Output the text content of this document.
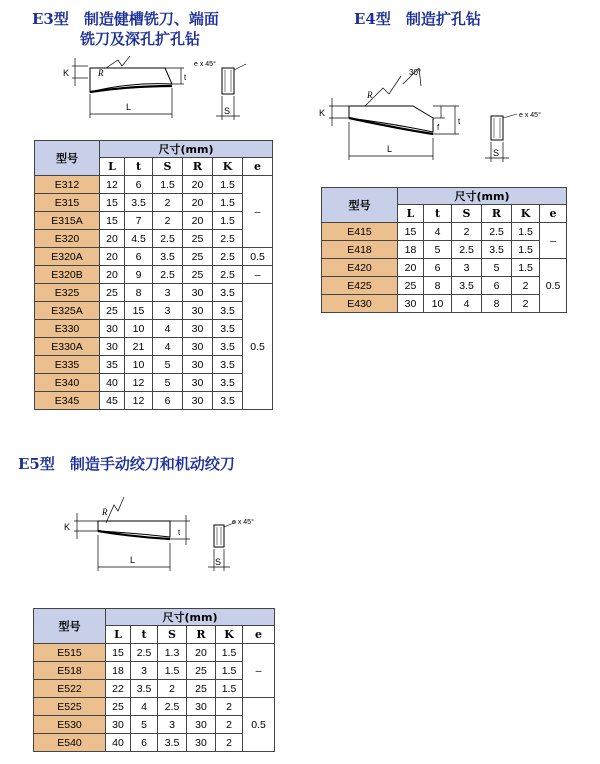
E3型　制造健槽铣刀、端面
铣刀及深孔扩孔钻
K	R	t
L
e x 45°
S
型号	尺寸(mm)					
	L	t	S	R	K	e
E312	12	6	1.5	20	1.5	–
E315	15	3.5	2	20	1.5	
E315A	15	7	2	20	1.5	
E320	20	4.5	2.5	25	2.5	
E320A	20	6	3.5	25	2.5	0.5
E320B	20	9	2.5	25	2.5	–
E325	25	8	3	30	3.5	0.5
E325A	25	15	3	30	3.5	
E330	30	10	4	30	3.5	
E330A	30	21	4	30	3.5	
E335	35	10	5	30	3.5	
E340	40	12	5	30	3.5	
E345	45	12	6	30	3.5	
E4型　制造扩孔钻
30°
K
R
f
t
L
e x 45°
S
型号	尺寸(mm)					
	L	t	S	R	K	e
E415	15	4	2	2.5	1.5	–
E418	18	5	2.5	3.5	1.5	
E420	20	6	3	5	1.5	0.5
E425	25	8	3.5	6	2	
E430	30	10	4	8	2	
E5型　制造手动绞刀和机动绞刀
K
R
t
L
e x 45°
S
型号	尺寸(mm)					
	L	t	S	R	K	e
E515	15	2.5	1.3	20	1.5	–
E518	18	3	1.5	25	1.5	
E522	22	3.5	2	25	1.5	
E525	25	4	2.5	30	2	0.5
E530	30	5	3	30	2	
E540	40	6	3.5	30	2	
